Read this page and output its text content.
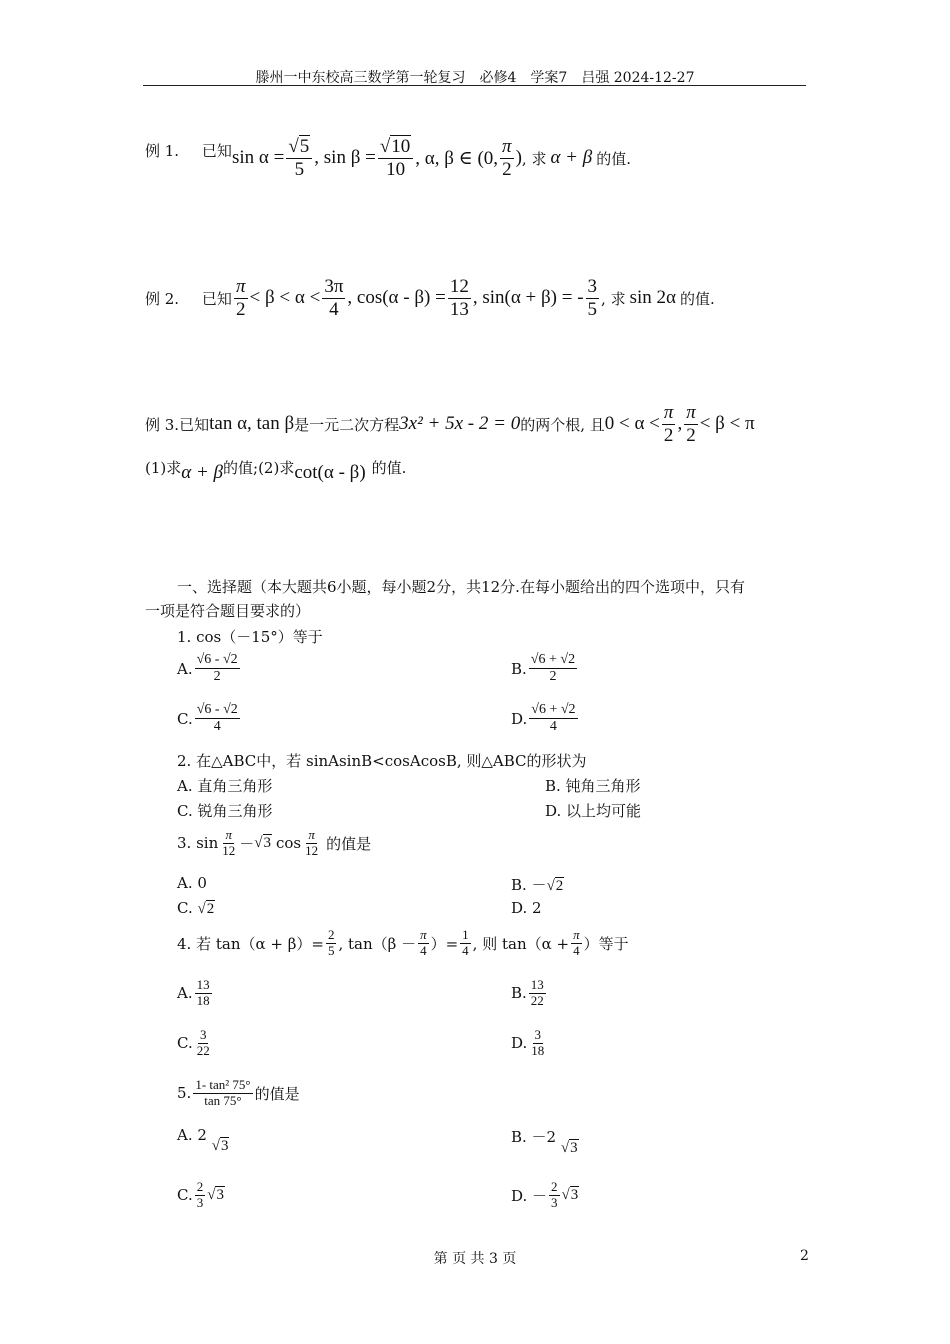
滕州一中东校高三数学第一轮复习　必修4　学案7　吕强 2024-12-27
例 1. 已知 $\sin \alpha = \frac{√5}{5}$ , $\sin \beta = \frac{√10}{10}$ , α, β ∈ (0, $\frac{\pi}{2}$ ) , 求 α + β 的值.
例 2. 已知 $\frac{\pi}{2} < \beta < \alpha < \frac{3\pi}{4}$ , $\cos(\alpha - \beta) = \frac{12}{13}$ , sin(α + β) = - $\frac{3}{5}$ , 求 sin 2α 的值.
例 3. 已知 tan α, tan β 是一元二次方程 3x² + 5x - 2 = 0 的两个根, 且 $0 < \alpha < \frac{\pi}{2}$ , $\frac{\pi}{2} < \beta < \pi$
(1)求 α + β 的值;(2)求 cot(α - β) 的值.
一、选择题（本大题共6小题，每小题2分，共12分.在每小题给出的四个选项中，只有
一项是符合题目要求的）
1. cos（－15°）等于
A. $\frac{√6 - √2}{2}$	B. $\frac{√6 + √2}{2}$
C. $\frac{√6 - √2}{4}$	D. $\frac{√6 + √2}{4}$
2. 在△ABC中，若 sinAsinB<cosAcosB, 则△ABC的形状为
A. 直角三角形	B. 钝角三角形
C. 锐角三角形	D. 以上均可能
3. $\sin \frac{\pi}{12} - √3$ $\cos \frac{\pi}{12}$ 的值是
A. 0	B. －√2
C. √2	D. 2
4. 若 $\tan(\alpha + \beta)= \frac{2}{5}$ , $\tan(\beta - \frac{\pi}{4}$ ）= $\frac{1}{4}$ , 则 $\tan(\alpha + \frac{\pi}{4}$ ）等于
A. $\frac{13}{18}$	B. $\frac{13}{22}$
C. $\frac{3}{22}$	D. $\frac{3}{18}$
5. $\frac{\text{1- tan² 75°}}{\tan 75^\circ}$ 的值是
A. 2 √3	B. －2 √3
C. $\frac{2}{3} √3$	D. － $\frac{2}{3} √3$
第 页 共 3 页	2
